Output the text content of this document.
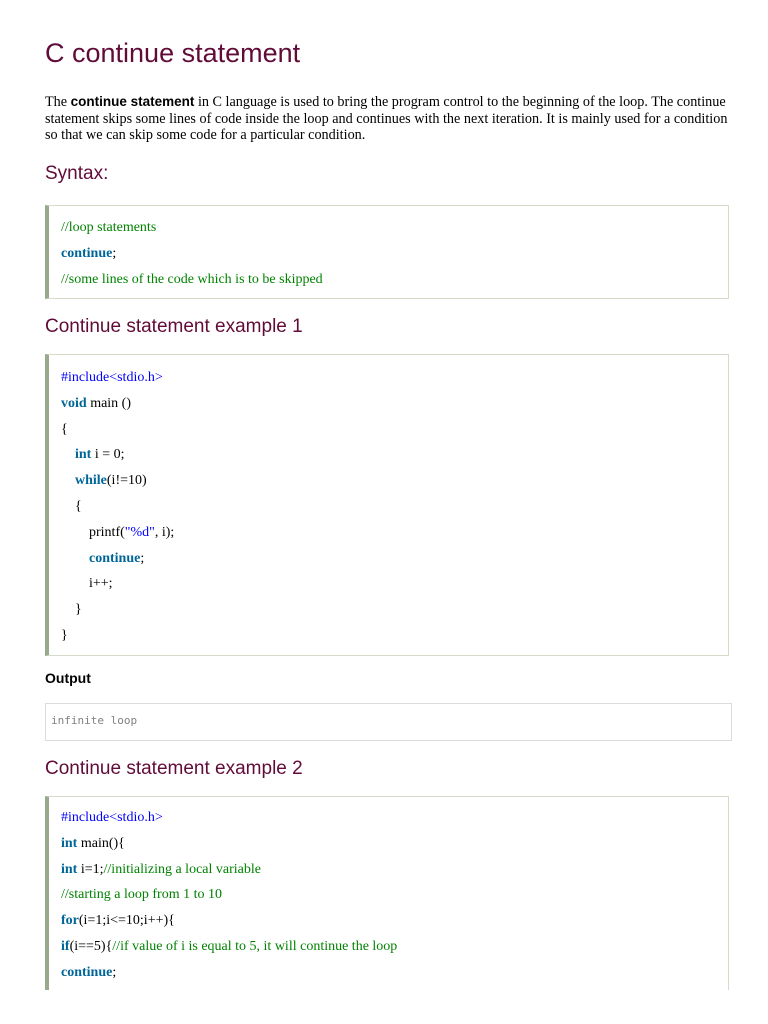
C continue statement

The continue statement in C language is used to bring the program control to the beginning of the loop. The continue statement skips some lines of code inside the loop and continues with the next iteration. It is mainly used for a condition so that we can skip some code for a particular condition.

Syntax:
//loop statements
continue;
//some lines of the code which is to be skipped
Continue statement example 1
#include<stdio.h>
void main ()
{
int i = 0;
while(i!=10)
{
printf("%d", i);
continue;
i++;
}
}
Output
infinite loop
Continue statement example 2
#include<stdio.h>
int main(){
int i=1;//initializing a local variable
//starting a loop from 1 to 10
for(i=1;i<=10;i++){
if(i==5){//if value of i is equal to 5, it will continue the loop
continue;
